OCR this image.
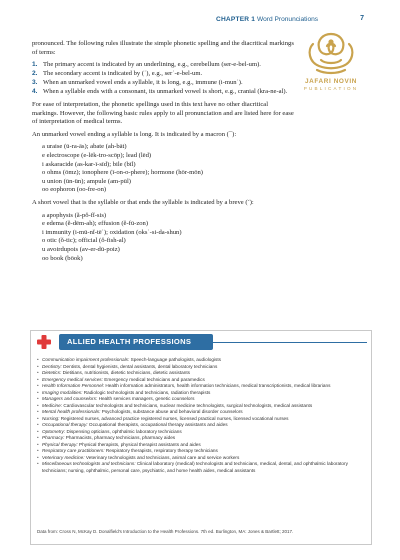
CHAPTER 1 Word Pronunciations	7
JAFARI NOVIN
PUBLICATION

pronounced. The following rules illustrate the simple phonetic spelling and the diacritical markings of terms:

1. The primary accent is indicated by an underlining, e.g., cerebellum (ser-e-bel-um).
2. The secondary accent is indicated by (ˈ), e.g., serˈ-e-bel-um.
3. When an unmarked vowel ends a syllable, it is long, e.g., immune (i-munˈ).
4. When a syllable ends with a consonant, its unmarked vowel is short, e.g., cranial (kra-ne-al).

For ease of interpretation, the phonetic spellings used in this text have no other diacritical markings. However, the following basic rules apply to all pronunciation and are listed here for ease of interpretation of medical terms.

An unmarked vowel ending a syllable is long. It is indicated by a macron (¯):

a uraise (ū-ra-ās); abate (ah-bāt)
e electroscope (e-lēk-tro-scōp); lead (lēd)
i askaracide (as-kar-ī-sīd); bile (bīl)
o ohms (ōmz); ionophere (ī-on-o-phere); hormone (hōr-mōn)
u union (ūn-ün); ampule (am-pūl)
oo eophoron (oo-fre-on)

A short vowel that is the syllable or that ends the syllable is indicated by a breve (˘):

a apophysis (ă-pŏ-fĭ-sis)
e edema (ĕ-dēm-ah); effusion (ĕ-fū-zon)
i immunity (i-mū-nĭ-tēˈ); oxidation (oksˈ-si-da-shun)
o otic (ŏ-tic); official (ŏ-fish-al)
u avoirdupois (av-er-dū-poiz)
oo book (bōok)
ALLIED HEALTH PROFESSIONS
• Communication impairment professionals: Speech-language pathologists, audiologists
• Dentistry: Dentists, dental hygienists, dental assistants, dental laboratory technicians
• Dietetics: Dietitians, nutritionists, dietetic technicians, dietetic assistants
• Emergency medical services: Emergency medical technicians and paramedics
• Health Information Personnel: Health information administrators, health information technicians, medical transcriptionists, medical librarians
• Imaging modalities: Radiologic technologists and technicians, radiation therapists
• Managers and counselors: Health services managers, genetic counselors
• Medicine: Cardiovascular technologists and technicians, nuclear medicine technologists, surgical technologists, medical assistants
• Mental health professionals: Psychologists, substance abuse and behavioral disorder counselors
• Nursing: Registered nurses, advanced practice registered nurses, licensed practical nurses, licensed vocational nurses
• Occupational therapy: Occupational therapists, occupational therapy assistants and aides
• Optometry: Dispensing opticians, ophthalmic laboratory technicians
• Pharmacy: Pharmacists, pharmacy technicians, pharmacy aides
• Physical therapy: Physical therapists, physical therapist assistants and aides
• Respiratory care practitioners: Respiratory therapists, respiratory therapy technicians
• Veterinary medicine: Veterinary technologists and technicians, animal care and service workers
• Miscellaneous technologists and technicians: Clinical laboratory (medical) technologists and technicians, medical, dental, and ophthalmic laboratory technicians; nursing, ophthalmic, personal care, psychiatric, and home health aides, medical assistants
Data from: Cross N, McKay D. Donalfield's Introduction to the Health Professions. 7th ed. Burlington, MA: Jones & Bartlett; 2017.
